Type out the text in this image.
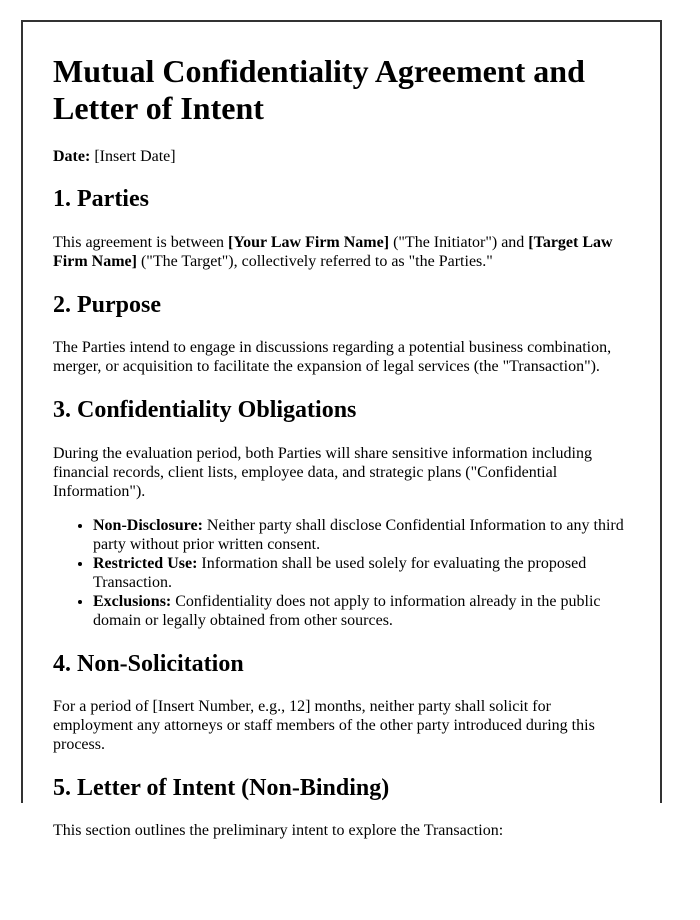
Mutual Confidentiality Agreement and Letter of Intent

Date: [Insert Date]

1. Parties

This agreement is between [Your Law Firm Name] ("The Initiator") and [Target Law Firm Name] ("The Target"), collectively referred to as "the Parties."

2. Purpose

The Parties intend to engage in discussions regarding a potential business combination, merger, or acquisition to facilitate the expansion of legal services (the "Transaction").

3. Confidentiality Obligations

During the evaluation period, both Parties will share sensitive information including financial records, client lists, employee data, and strategic plans ("Confidential Information").

• Non-Disclosure: Neither party shall disclose Confidential Information to any third party without prior written consent.
• Restricted Use: Information shall be used solely for evaluating the proposed Transaction.
• Exclusions: Confidentiality does not apply to information already in the public domain or legally obtained from other sources.
4. Non-Solicitation

For a period of [Insert Number, e.g., 12] months, neither party shall solicit for employment any attorneys or staff members of the other party introduced during this process.

5. Letter of Intent (Non-Binding)

This section outlines the preliminary intent to explore the Transaction:
